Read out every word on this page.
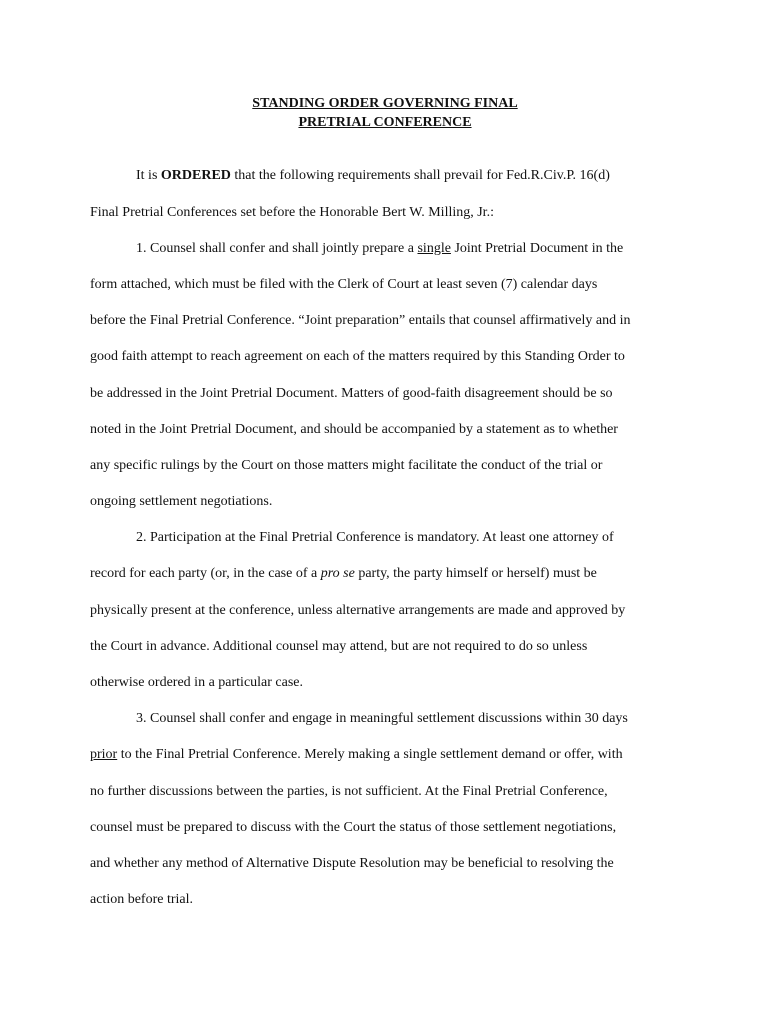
STANDING ORDER GOVERNING FINAL
PRETRIAL CONFERENCE
It is ORDERED that the following requirements shall prevail for Fed.R.Civ.P. 16(d)
Final Pretrial Conferences set before the Honorable Bert W. Milling, Jr.:
1. Counsel shall confer and shall jointly prepare a single Joint Pretrial Document in the
form attached, which must be filed with the Clerk of Court at least seven (7) calendar days
before the Final Pretrial Conference. “Joint preparation” entails that counsel affirmatively and in
good faith attempt to reach agreement on each of the matters required by this Standing Order to
be addressed in the Joint Pretrial Document. Matters of good-faith disagreement should be so
noted in the Joint Pretrial Document, and should be accompanied by a statement as to whether
any specific rulings by the Court on those matters might facilitate the conduct of the trial or
ongoing settlement negotiations.
2. Participation at the Final Pretrial Conference is mandatory. At least one attorney of
record for each party (or, in the case of a pro se party, the party himself or herself) must be
physically present at the conference, unless alternative arrangements are made and approved by
the Court in advance. Additional counsel may attend, but are not required to do so unless
otherwise ordered in a particular case.
3. Counsel shall confer and engage in meaningful settlement discussions within 30 days
prior to the Final Pretrial Conference. Merely making a single settlement demand or offer, with
no further discussions between the parties, is not sufficient. At the Final Pretrial Conference,
counsel must be prepared to discuss with the Court the status of those settlement negotiations,
and whether any method of Alternative Dispute Resolution may be beneficial to resolving the
action before trial.
